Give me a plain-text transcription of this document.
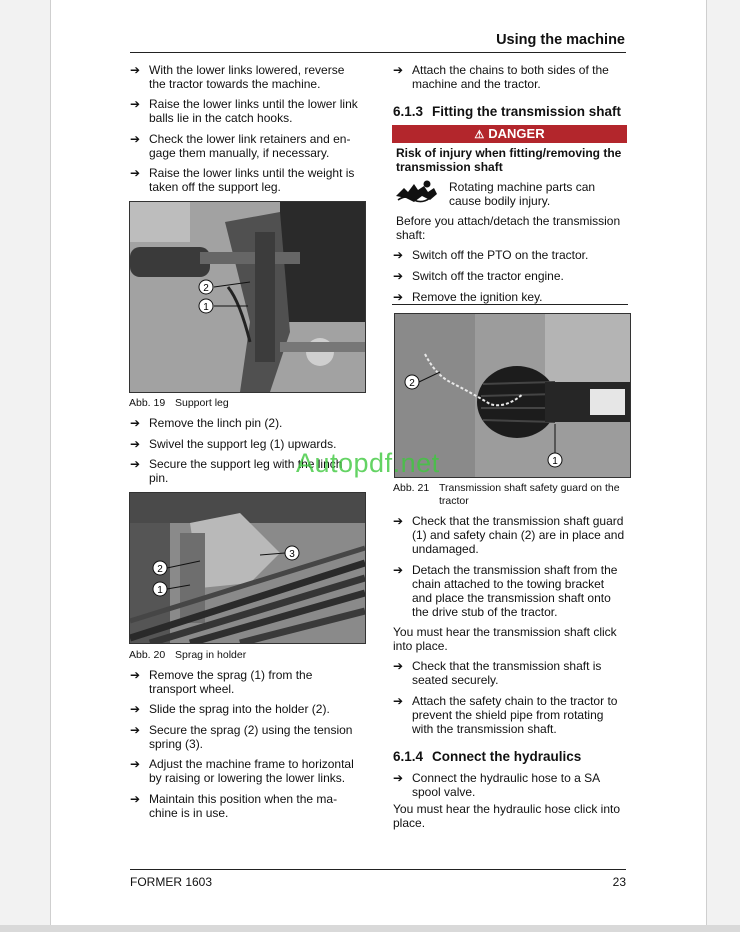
Using the machine
➔ With the lower links lowered, reverse the tractor towards the machine.
➔ Raise the lower links until the lower link balls lie in the catch hooks.
➔ Check the lower link retainers and en-gage them manually, if necessary.
➔ Raise the lower links until the weight is taken off the support leg.
2
1
Abb. 19 Support leg
➔ Remove the linch pin (2).
➔ Swivel the support leg (1) upwards.
➔ Secure the support leg with the linch pin.
2
1
3
Abb. 20 Sprag in holder
➔ Remove the sprag (1) from the transport wheel.
➔ Slide the sprag into the holder (2).
➔ Secure the sprag (2) using the tension spring (3).
➔ Adjust the machine frame to horizontal by raising or lowering the lower links.
➔ Maintain this position when the ma-chine is in use.
➔ Attach the chains to both sides of the machine and the tractor.
6.1.3 Fitting the transmission shaft
⚠ DANGER
Risk of injury when fitting/removing the transmission shaft
Rotating machine parts can cause bodily injury.
Before you attach/detach the transmission shaft:
➔ Switch off the PTO on the tractor.
➔ Switch off the tractor engine.
➔ Remove the ignition key.
2
1
Abb. 21 Transmission shaft safety guard on the tractor
➔ Check that the transmission shaft guard (1) and safety chain (2) are in place and undamaged.
➔ Detach the transmission shaft from the chain attached to the towing bracket and place the transmission shaft onto the drive stub of the tractor.
You must hear the transmission shaft click into place.
➔ Check that the transmission shaft is seated securely.
➔ Attach the safety chain to the tractor to prevent the shield pipe from rotating with the transmission shaft.
6.1.4 Connect the hydraulics
➔ Connect the hydraulic hose to a SA spool valve.
You must hear the hydraulic hose click into place.
FORMER 1603	23
Autopdf.net
